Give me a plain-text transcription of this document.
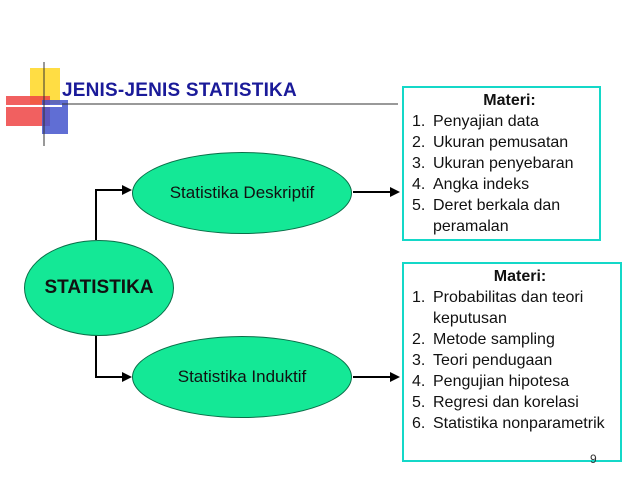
JENIS-JENIS STATISTIKA
STATISTIKA
Statistika Deskriptif
Statistika Induktif
Materi:
1. Penyajian data
2. Ukuran pemusatan
3. Ukuran penyebaran
4. Angka indeks
5. Deret berkala dan peramalan
Materi:
1. Probabilitas dan teori keputusan
2. Metode sampling
3. Teori pendugaan
4. Pengujian hipotesa
5. Regresi dan korelasi
6. Statistika nonparametrik
9
